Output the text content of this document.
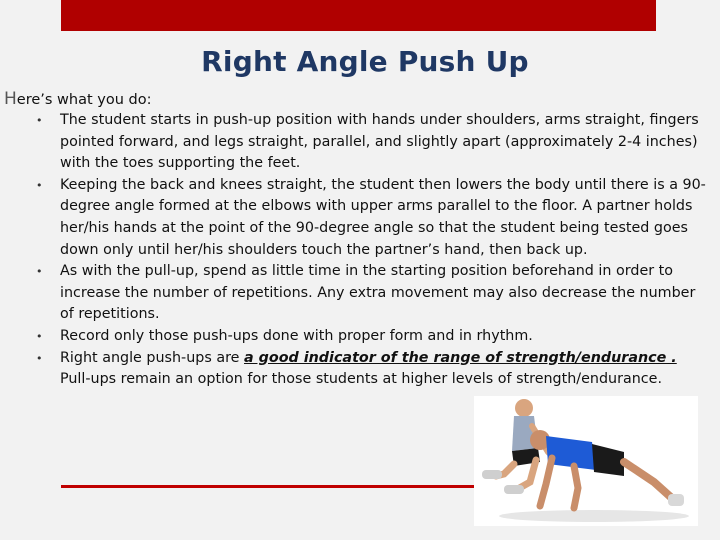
Right Angle Push Up
Here’s what you do:
• The student starts in push-up position with hands under shoulders, arms straight, fingers pointed forward, and legs straight, parallel, and slightly apart (approximately 2-4 inches) with the toes supporting the feet.
• Keeping the back and knees straight, the student then lowers the body until there is a 90-degree angle formed at the elbows with upper arms parallel to the floor. A partner holds her/his hands at the point of the 90-degree angle so that the student being tested goes down only until her/his shoulders touch the partner’s hand, then back up.
• As with the pull-up, spend as little time in the starting position beforehand in order to increase the number of repetitions. Any extra movement may also decrease the number of repetitions.
• Record only those push-ups done with proper form and in rhythm.
• Right angle push-ups are a good indicator of the range of strength/endurance . Pull-ups remain an option for those students at higher levels of strength/endurance.
